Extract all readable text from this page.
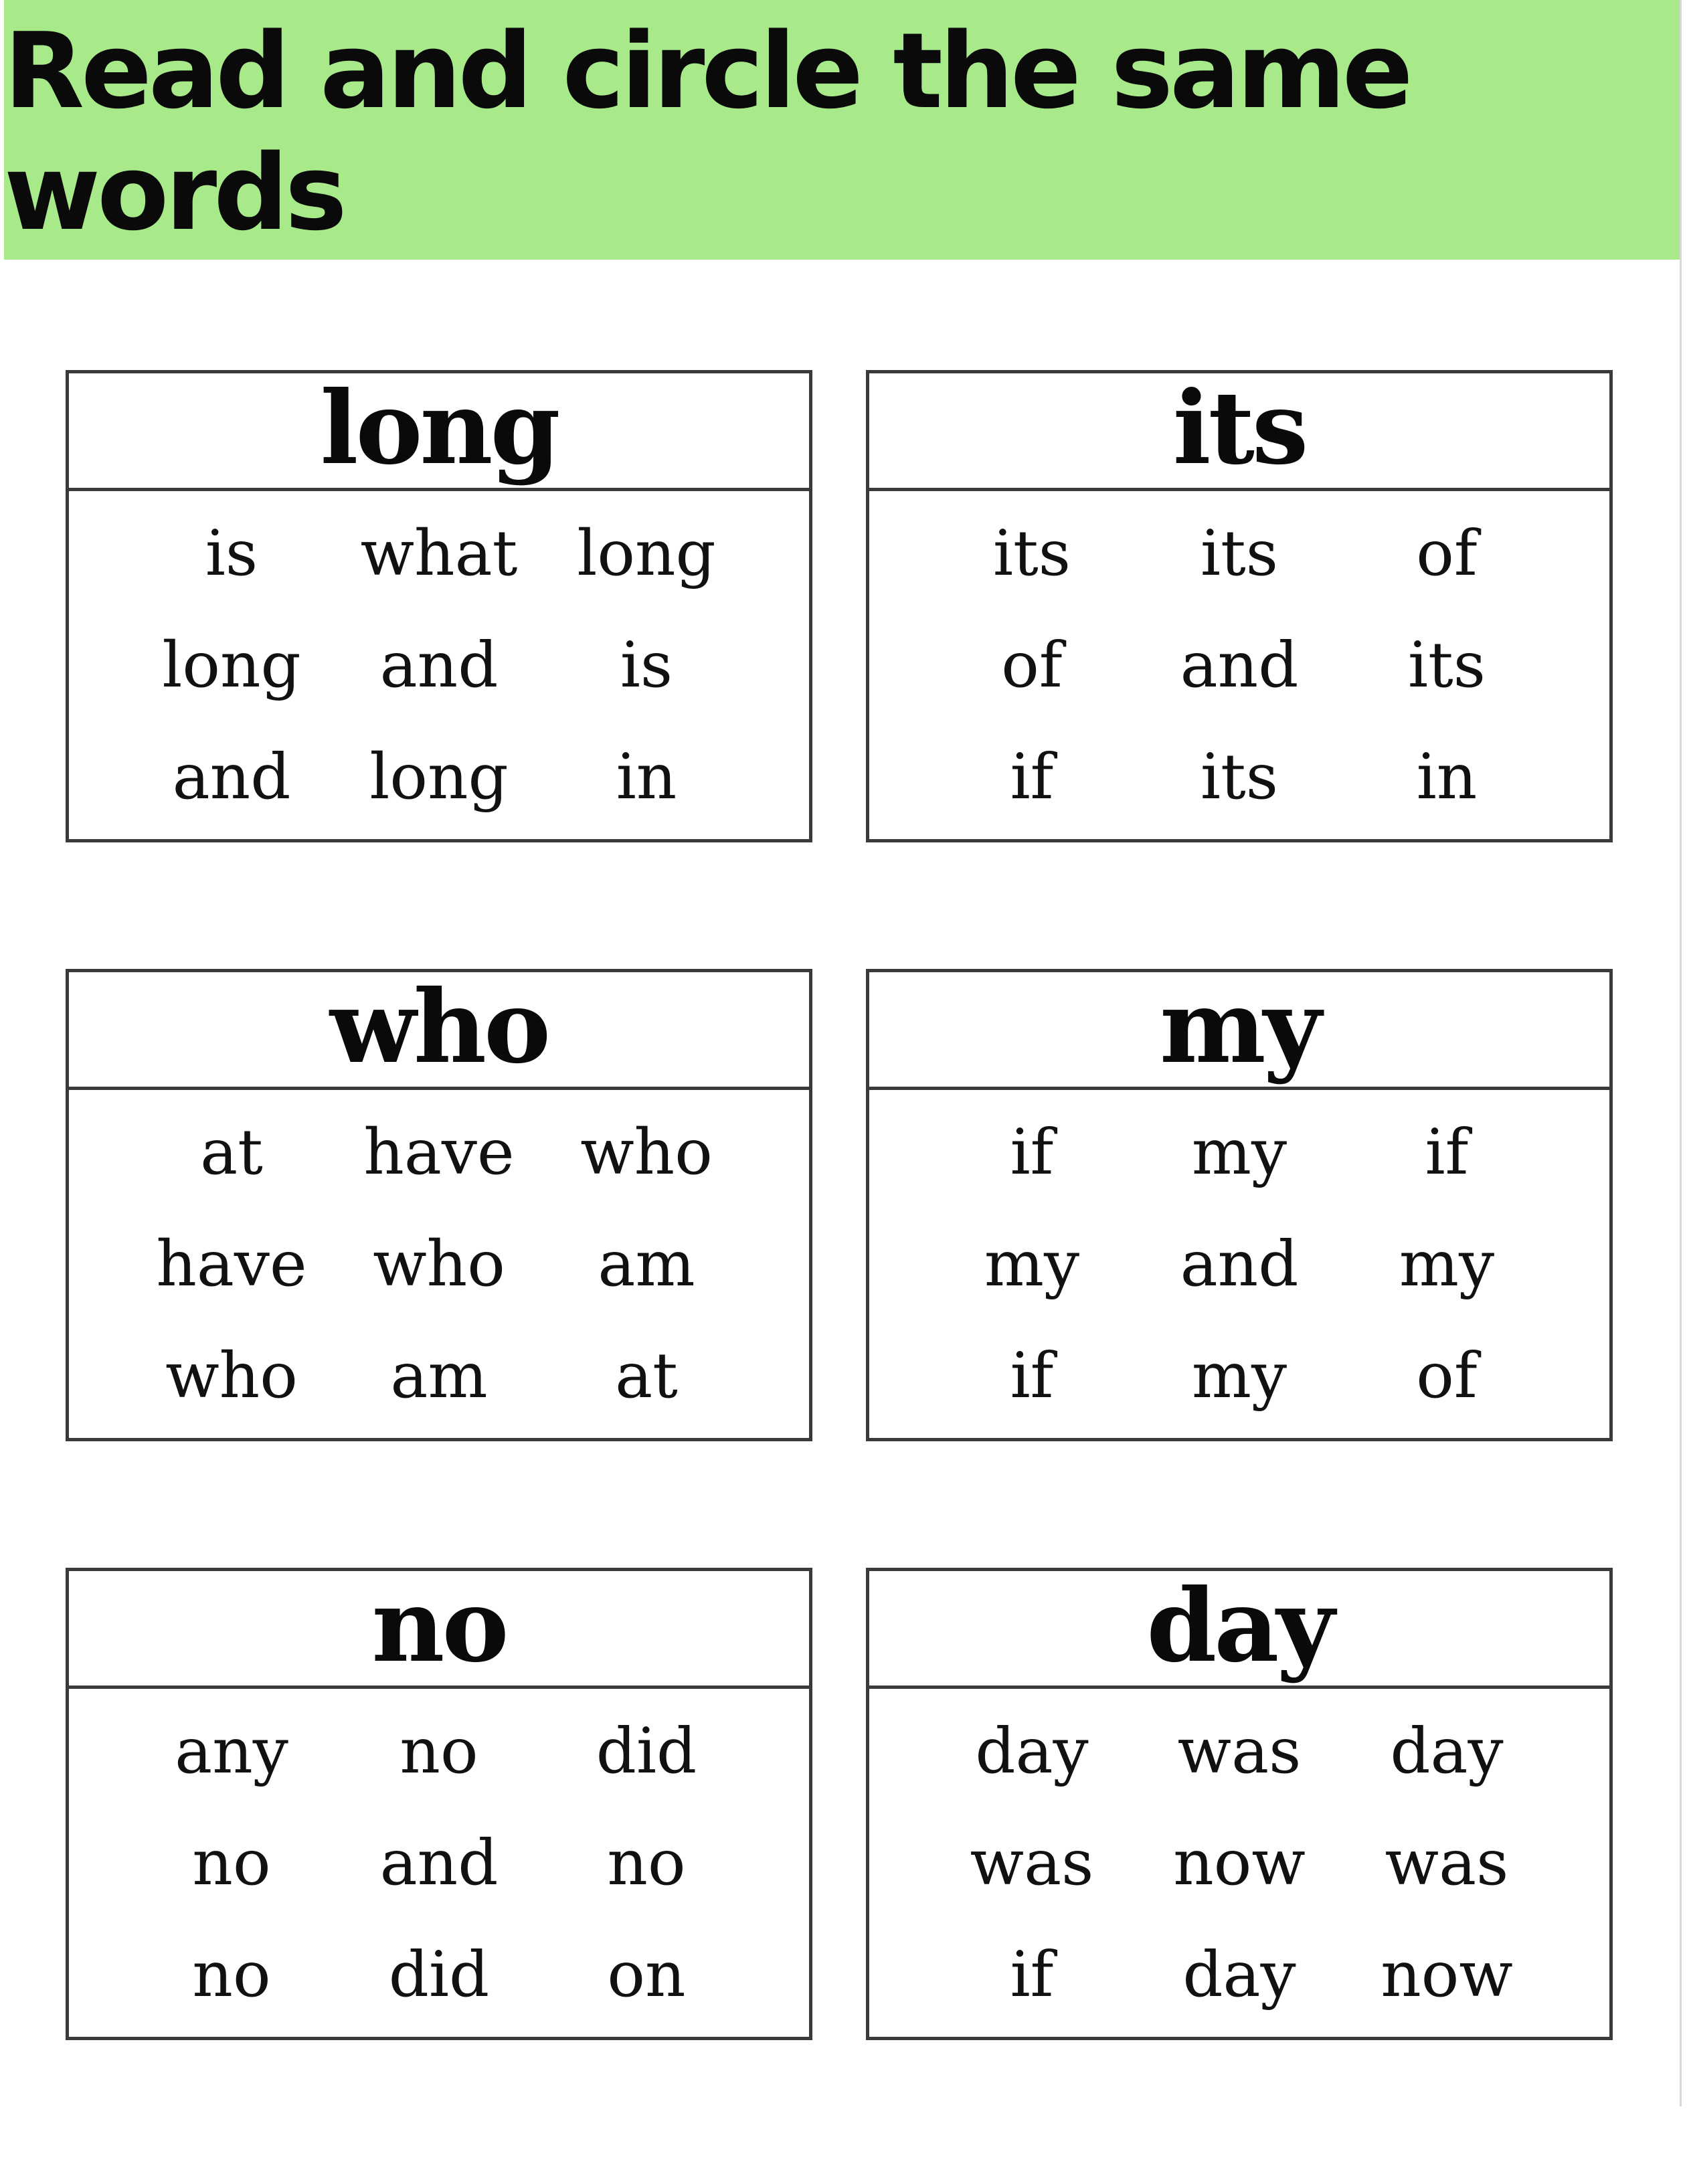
Read and circle the same words
long
is what long
long and is
and long in
its
its its of
of and its
if its in
who
at have who
have who am
who am at
my
if my if
my and my
if my of
no
any no did
no and no
no did on
day
day was day
was now was
if day now
